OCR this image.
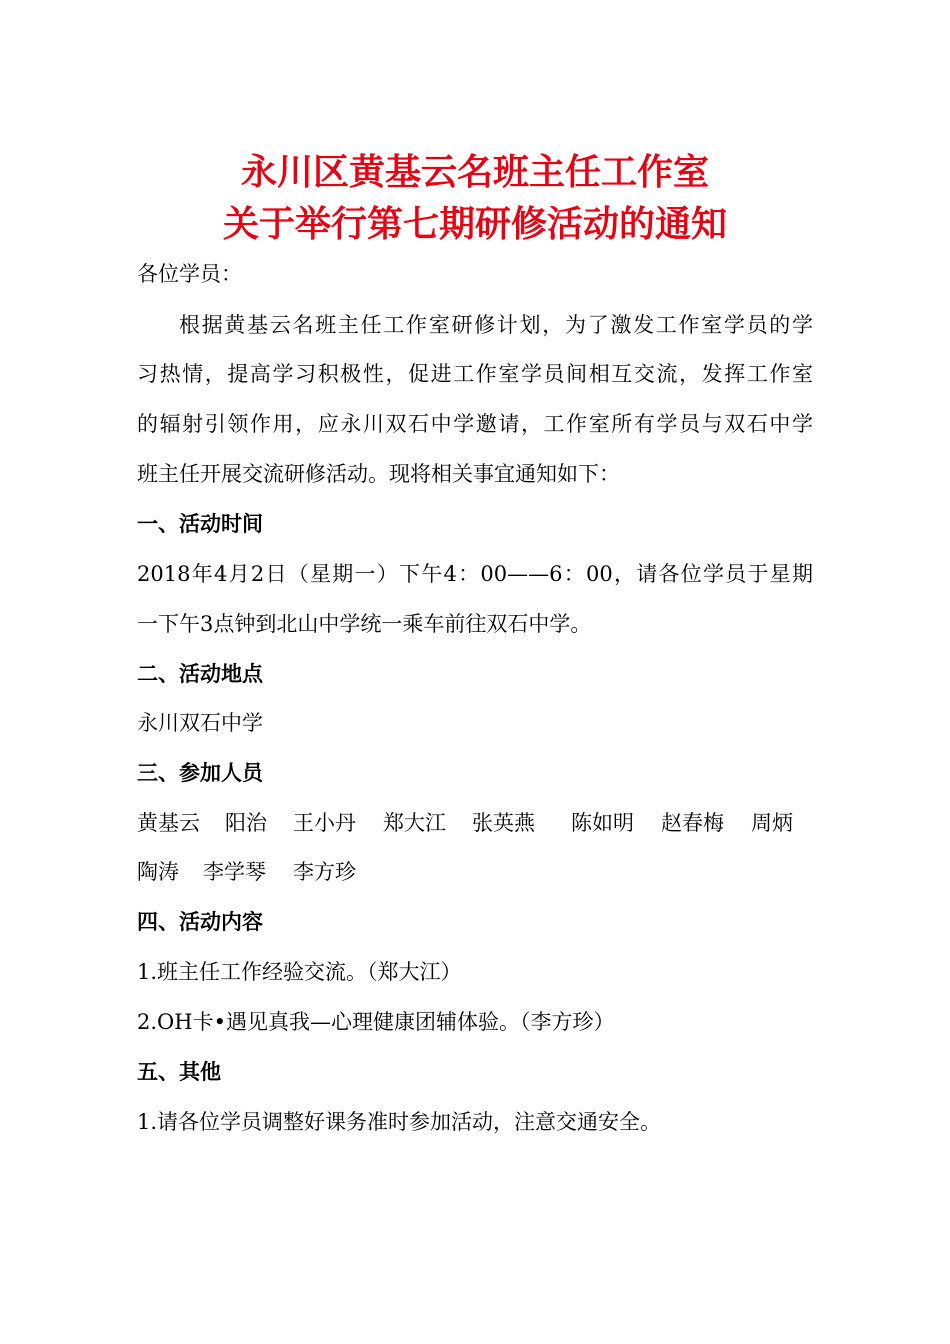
永川区黄基云名班主任工作室
关于举行第七期研修活动的通知
各位学员：
根据黄基云名班主任工作室研修计划，为了激发工作室学员的学
习热情，提高学习积极性，促进工作室学员间相互交流，发挥工作室
的辐射引领作用，应永川双石中学邀请，工作室所有学员与双石中学
班主任开展交流研修活动。现将相关事宜通知如下：
一、活动时间
2018年4月2日（星期一）下午4：00——6：00，请各位学员于星期
一下午3点钟到北山中学统一乘车前往双石中学。
二、活动地点
永川双石中学
三、参加人员
黄基云 阳治 王小丹 郑大江 张英燕 陈如明 赵春梅 周炳
陶涛 李学琴 李方珍
四、活动内容
1.班主任工作经验交流。（郑大江）
2.OH卡•遇见真我—心理健康团辅体验。（李方珍）
五、其他
1.请各位学员调整好课务准时参加活动，注意交通安全。
